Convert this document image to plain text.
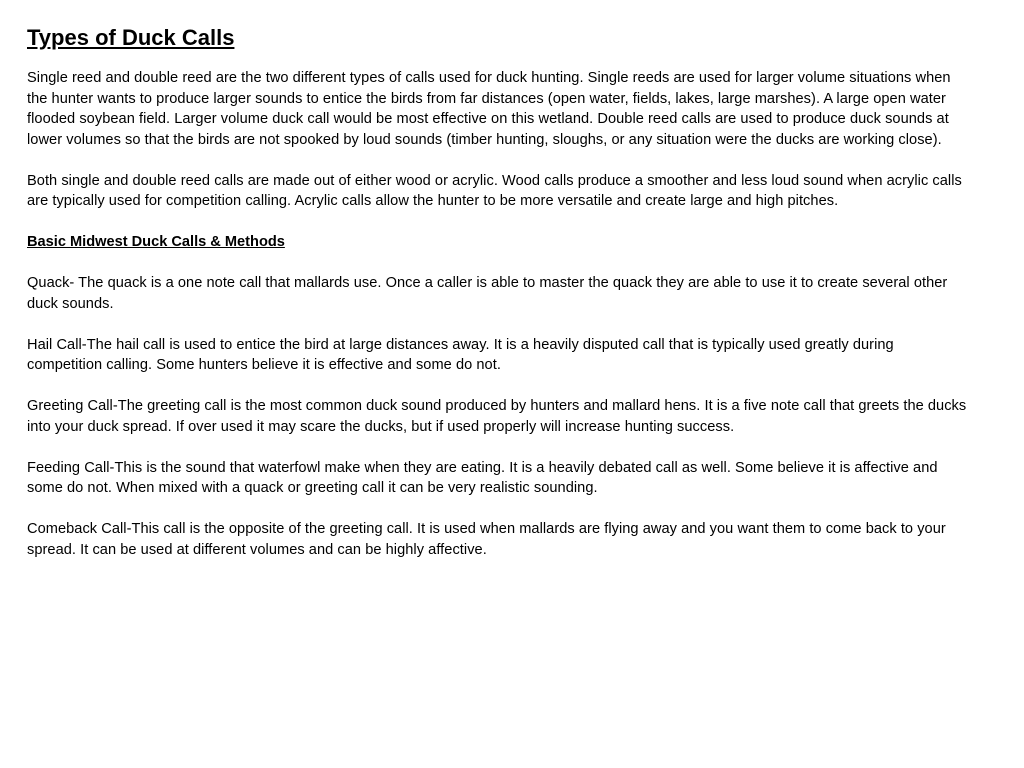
Types of Duck Calls

Single reed and double reed are the two different types of calls used for duck hunting. Single reeds are used for larger volume situations when the hunter wants to produce larger sounds to entice the birds from far distances (open water, fields, lakes, large marshes). A large open water flooded soybean field. Larger volume duck call would be most effective on this wetland. Double reed calls are used to produce duck sounds at lower volumes so that the birds are not spooked by loud sounds (timber hunting, sloughs, or any situation were the ducks are working close).

Both single and double reed calls are made out of either wood or acrylic. Wood calls produce a smoother and less loud sound when acrylic calls are typically used for competition calling. Acrylic calls allow the hunter to be more versatile and create large and high pitches.

Basic Midwest Duck Calls & Methods

Quack- The quack is a one note call that mallards use. Once a caller is able to master the quack they are able to use it to create several other duck sounds.

Hail Call-The hail call is used to entice the bird at large distances away. It is a heavily disputed call that is typically used greatly during competition calling. Some hunters believe it is effective and some do not.

Greeting Call-The greeting call is the most common duck sound produced by hunters and mallard hens. It is a five note call that greets the ducks into your duck spread. If over used it may scare the ducks, but if used properly will increase hunting success.

Feeding Call-This is the sound that waterfowl make when they are eating. It is a heavily debated call as well. Some believe it is affective and some do not. When mixed with a quack or greeting call it can be very realistic sounding.

Comeback Call-This call is the opposite of the greeting call. It is used when mallards are flying away and you want them to come back to your spread. It can be used at different volumes and can be highly affective.
